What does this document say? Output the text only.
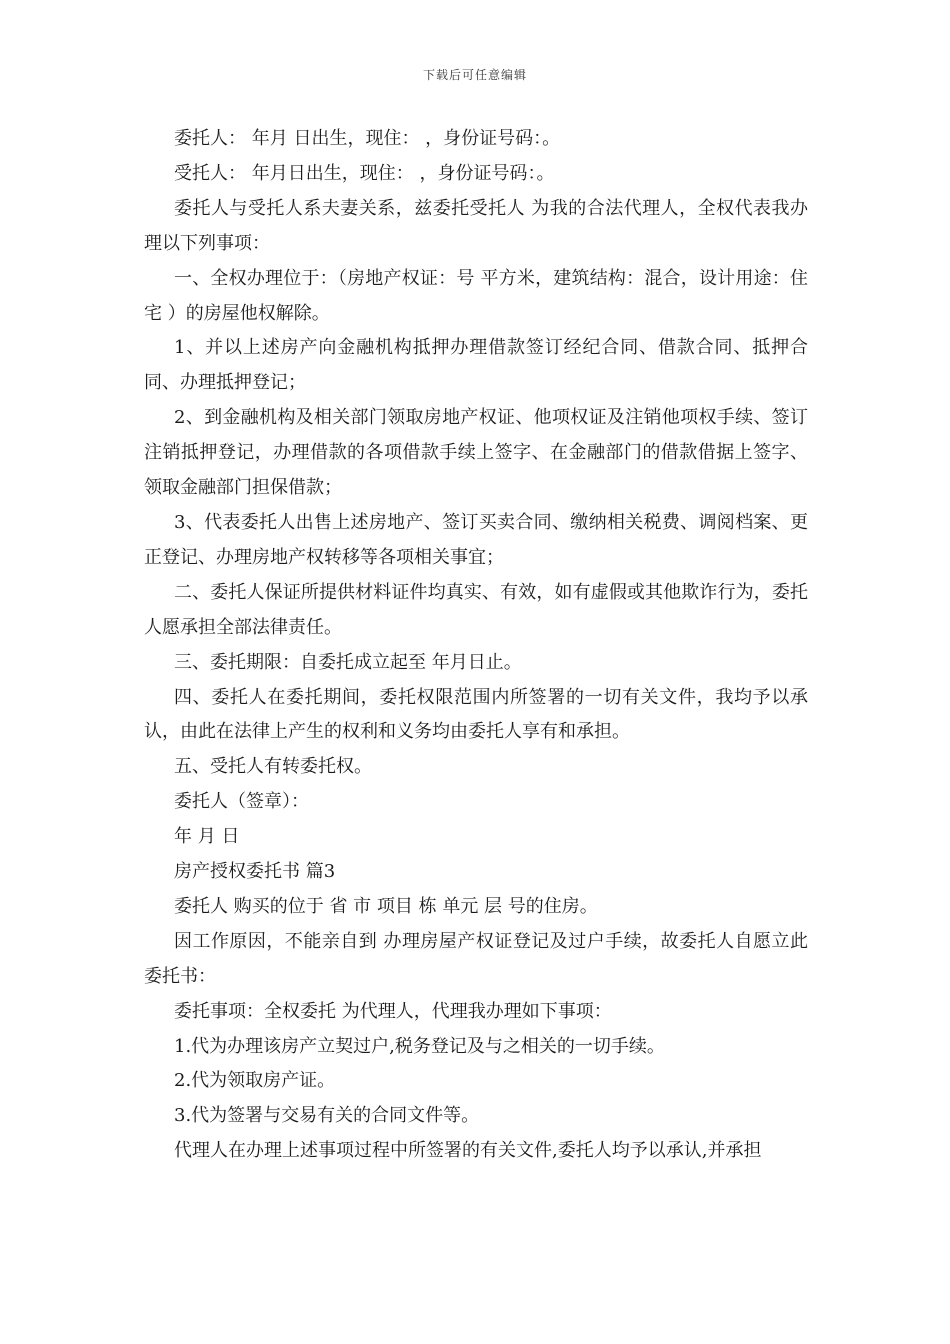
下载后可任意编辑

委托人： 年月 日出生，现住： ，身份证号码：。

受托人： 年月日出生，现住： ，身份证号码：。

委托人与受托人系夫妻关系，兹委托受托人 为我的合法代理人，全权代表我办理以下列事项：

一、全权办理位于：（房地产权证：号 平方米，建筑结构：混合，设计用途：住宅 ）的房屋他权解除。

1、并以上述房产向金融机构抵押办理借款签订经纪合同、借款合同、抵押合同、办理抵押登记；

2、到金融机构及相关部门领取房地产权证、他项权证及注销他项权手续、签订注销抵押登记，办理借款的各项借款手续上签字、在金融部门的借款借据上签字、领取金融部门担保借款；

3、代表委托人出售上述房地产、签订买卖合同、缴纳相关税费、调阅档案、更正登记、办理房地产权转移等各项相关事宜；

二、委托人保证所提供材料证件均真实、有效，如有虚假或其他欺诈行为，委托人愿承担全部法律责任。

三、委托期限：自委托成立起至 年月日止。

四、委托人在委托期间，委托权限范围内所签署的一切有关文件，我均予以承认，由此在法律上产生的权利和义务均由委托人享有和承担。

五、受托人有转委托权。

委托人（签章）：

年 月 日

房产授权委托书 篇3

委托人 购买的位于 省 市 项目 栋 单元 层 号的住房。

因工作原因，不能亲自到 办理房屋产权证登记及过户手续，故委托人自愿立此委托书：

委托事项：全权委托 为代理人，代理我办理如下事项：

1.代为办理该房产立契过户,税务登记及与之相关的一切手续。

2.代为领取房产证。

3.代为签署与交易有关的合同文件等。

代理人在办理上述事项过程中所签署的有关文件,委托人均予以承认,并承担
